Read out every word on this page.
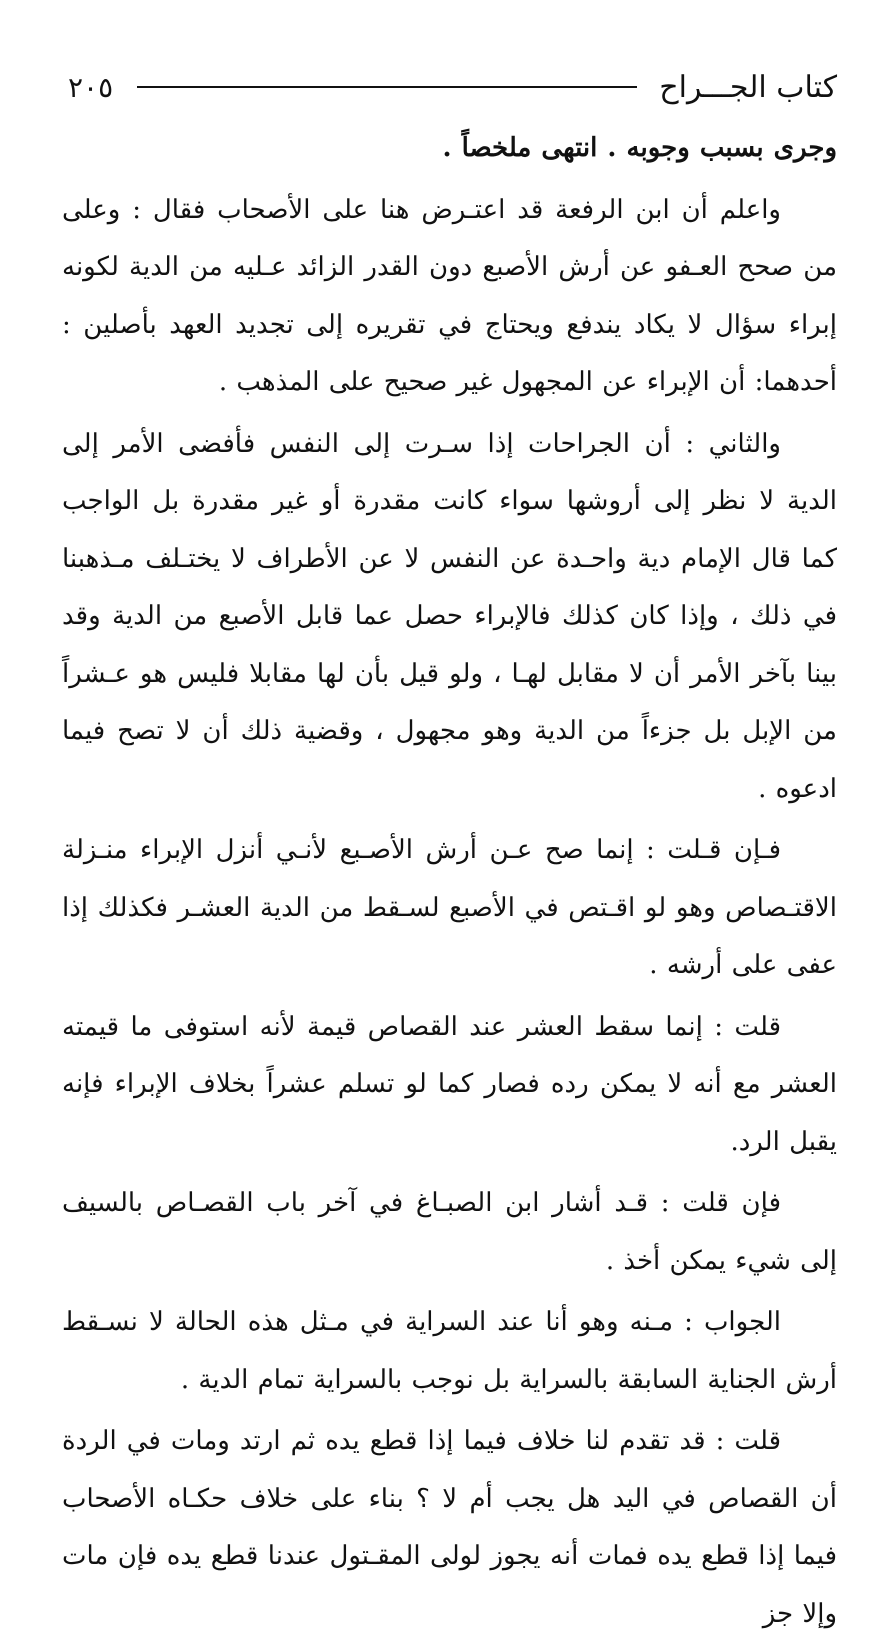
كتاب الجـــراح
٢٠٥

وجرى بسبب وجوبه . انتهى ملخصاً .

واعلم أن ابن الرفعة قد اعتـرض هنا على الأصحاب فقال : وعلى من صحح العـفو عن أرش الأصبع دون القدر الزائد عـليه من الدية لكونه إبراء سؤال لا يكاد يندفع ويحتاج في تقريره إلى تجديد العهد بأصلين : أحدهما: أن الإبراء عن المجهول غير صحيح على المذهب .

والثاني : أن الجراحات إذا سـرت إلى النفس فأفضى الأمر إلى الدية لا نظر إلى أروشها سواء كانت مقدرة أو غير مقدرة بل الواجب كما قال الإمام دية واحـدة عن النفس لا عن الأطراف لا يختـلف مـذهبنا في ذلك ، وإذا كان كذلك فالإبراء حصل عما قابل الأصبع من الدية وقد بينا بآخر الأمر أن لا مقابل لهـا ، ولو قيل بأن لها مقابلا فليس هو عـشراً من الإبل بل جزءاً من الدية وهو مجهول ، وقضية ذلك أن لا تصح فيما ادعوه .

فـإن قـلت : إنما صح عـن أرش الأصـبع لأنـي أنزل الإبراء منـزلة الاقتـصاص وهو لو اقـتص في الأصبع لسـقط من الدية العشـر فكذلك إذا عفى على أرشه .

قلت : إنما سقط العشر عند القصاص قيمة لأنه استوفى ما قيمته العشر مع أنه لا يمكن رده فصار كما لو تسلم عشراً بخلاف الإبراء فإنه يقبل الرد.

فإن قلت : قـد أشار ابن الصبـاغ في آخر باب القصـاص بالسيف إلى شيء يمكن أخذ .

الجواب : مـنه وهو أنا عند السراية في مـثل هذه الحالة لا نسـقط أرش الجناية السابقة بالسراية بل نوجب بالسراية تمام الدية .

قلت : قد تقدم لنا خلاف فيما إذا قطع يده ثم ارتد ومات في الردة أن القصاص في اليد هل يجب أم لا ؟ بناء على خلاف حكـاه الأصحاب فيما إذا قطع يده فمات أنه يجوز لولى المقـتول عندنا قطع يده فإن مات وإلا جز
